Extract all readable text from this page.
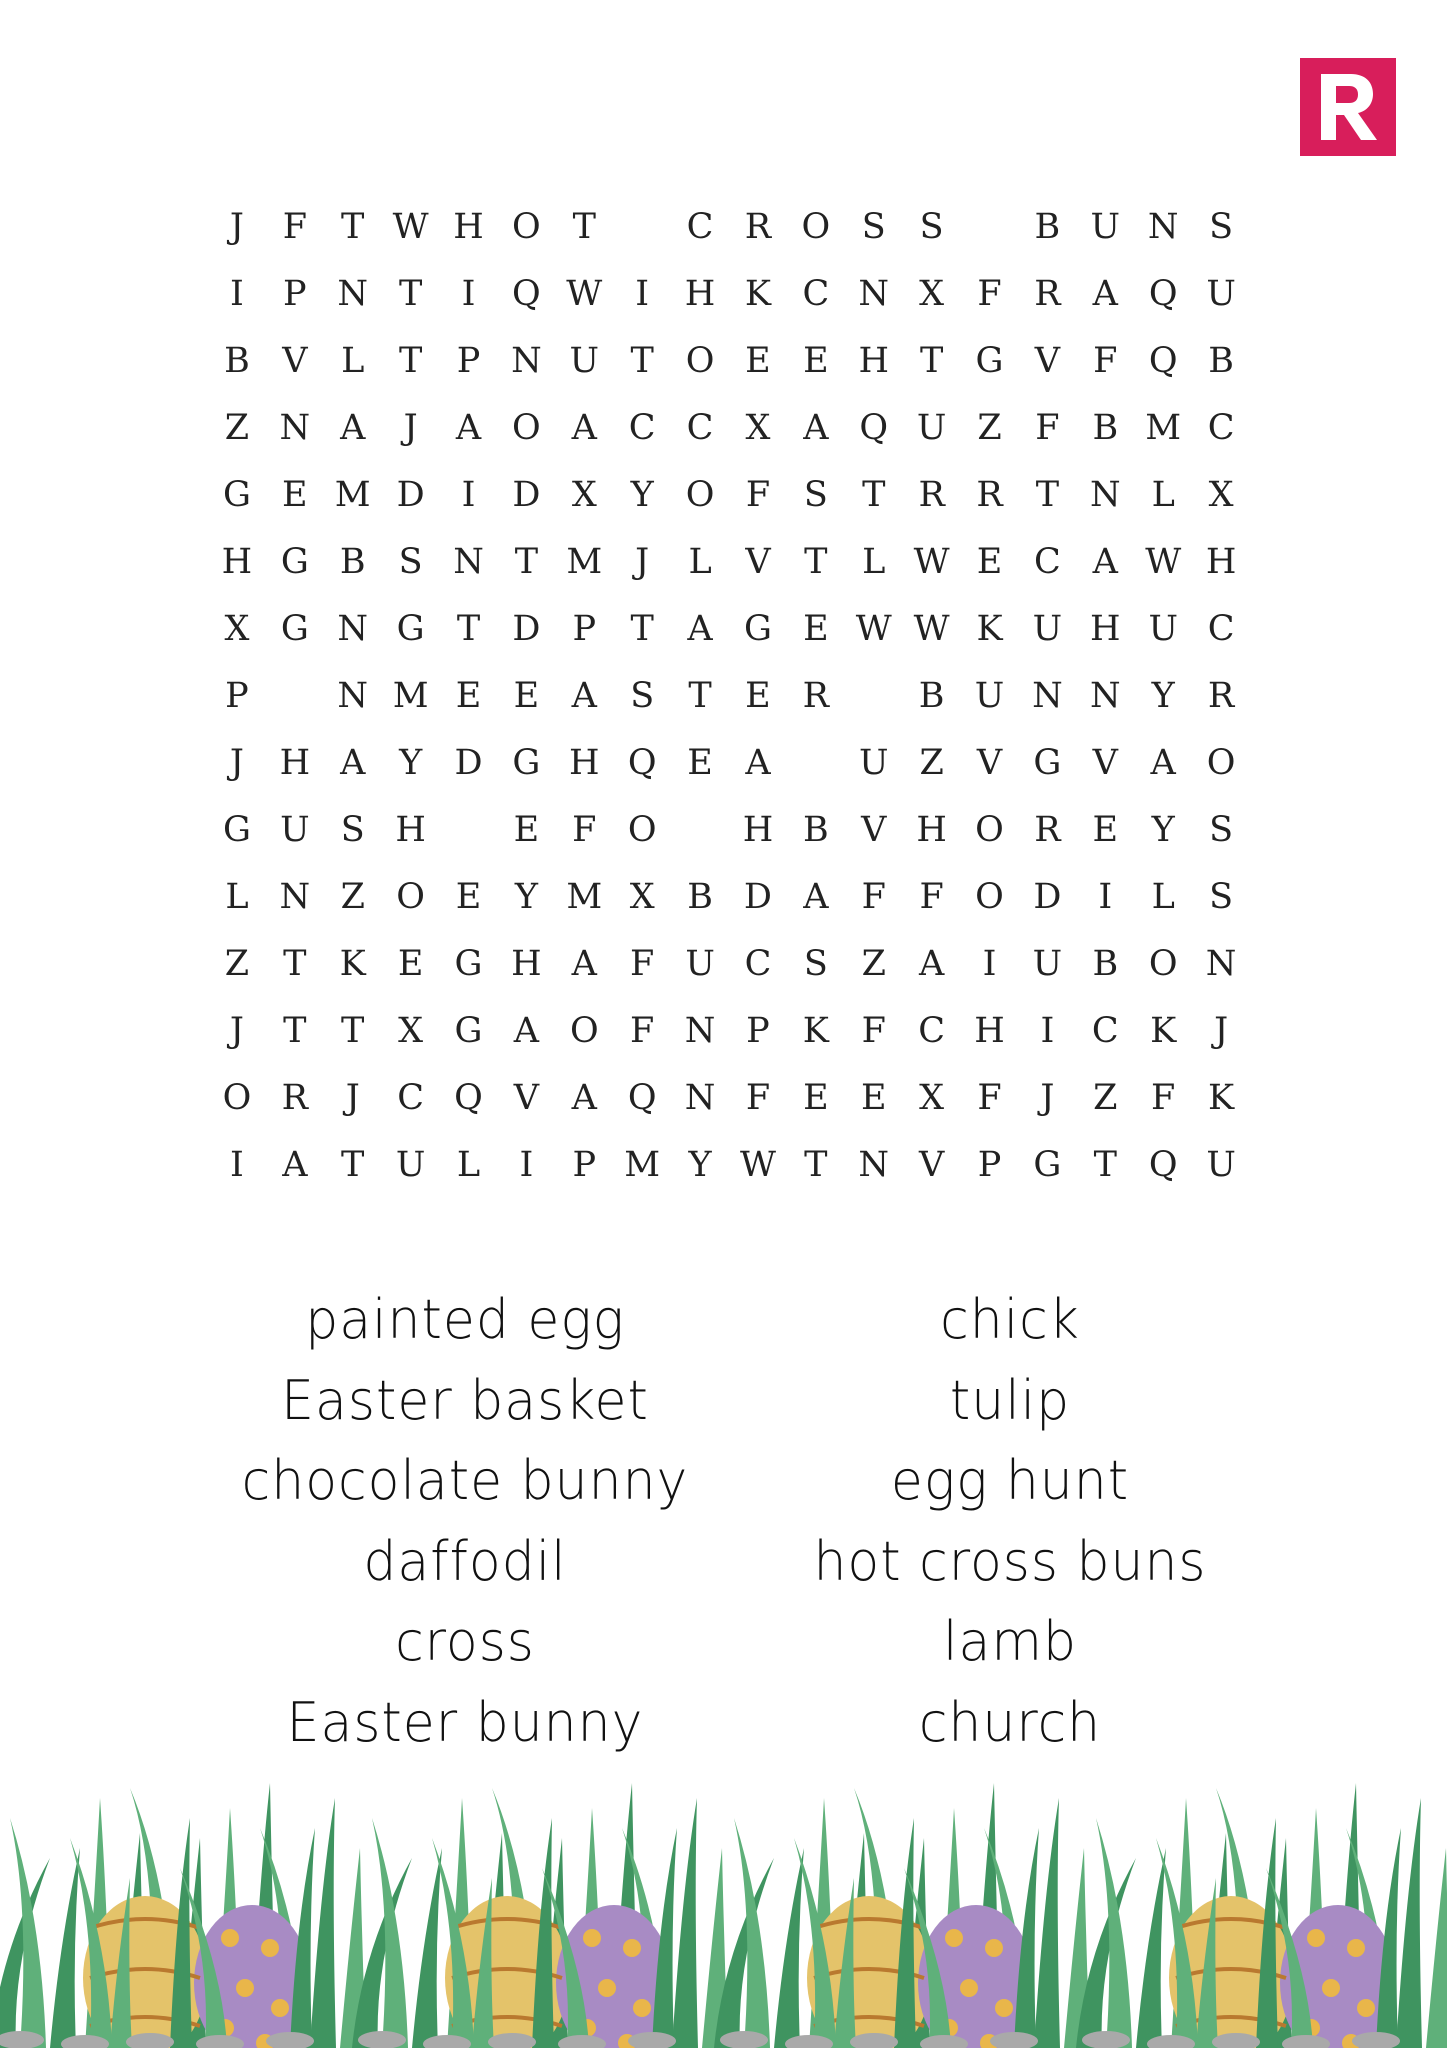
J	F T W H O T	C R O S S	B U N S
I	P N T	I	Q W I	H K C N X F R A Q U
B V L T P N U T O E E H T G V F Q B
Z N A	J	A O A C C X A Q U Z F B M C
G E M D	I	D X Y O F S T R R T N L X
H G B S N T M J	L V T L W E C A W H
X G N G T D P T A G E W W K U H U C
P	N M E E A S T E R	B U N N Y R
J	H A Y D G H Q E A	U Z V G V A O
G U S H	E F O	H B V H O R E Y S
L N Z O E Y M X B D A F F O D	I	L S
Z T K E G H A F U C S Z A	I	U B O N
J	T T X G A O F N P K F C H	I	C K	J
O R	J	C Q V A Q N F E E X F	J	Z F K
I	A T U L	I	P M Y W T N V P G T Q U
painted egg
Easter basket
chocolate bunny
daffodil
cross
Easter bunny
chick
tulip
egg hunt
hot cross buns
lamb
church
